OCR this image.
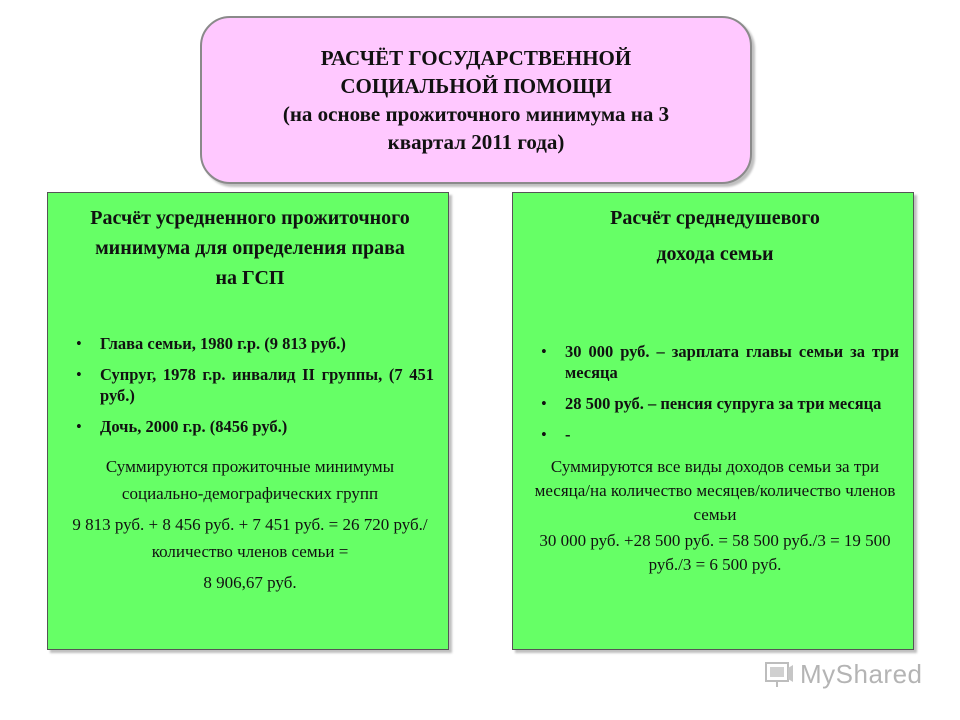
РАСЧЁТ ГОСУДАРСТВЕННОЙ
СОЦИАЛЬНОЙ ПОМОЩИ
(на основе прожиточного минимума на 3
квартал 2011 года)
Расчёт усредненного прожиточного минимума для определения права на ГСП
• Глава семьи, 1980 г.р. (9 813 руб.)
• Супруг, 1978 г.р. инвалид II группы, (7 451 руб.)
• Дочь, 2000 г.р. (8456 руб.)
Суммируются прожиточные минимумы социально-демографических групп
9 813 руб. + 8 456 руб. + 7 451 руб. = 26 720 руб./количество членов семьи =
8 906,67 руб.
Расчёт среднедушевого
дохода семьи
• 30 000 руб. – зарплата главы семьи за три месяца
• 28 500 руб. – пенсия супруга за три месяца
• -
Суммируются все виды доходов семьи за три месяца/на количество месяцев/количество членов семьи
30 000 руб. +28 500 руб. = 58 500 руб./3 = 19 500 руб./3 = 6 500 руб.
MyShared
